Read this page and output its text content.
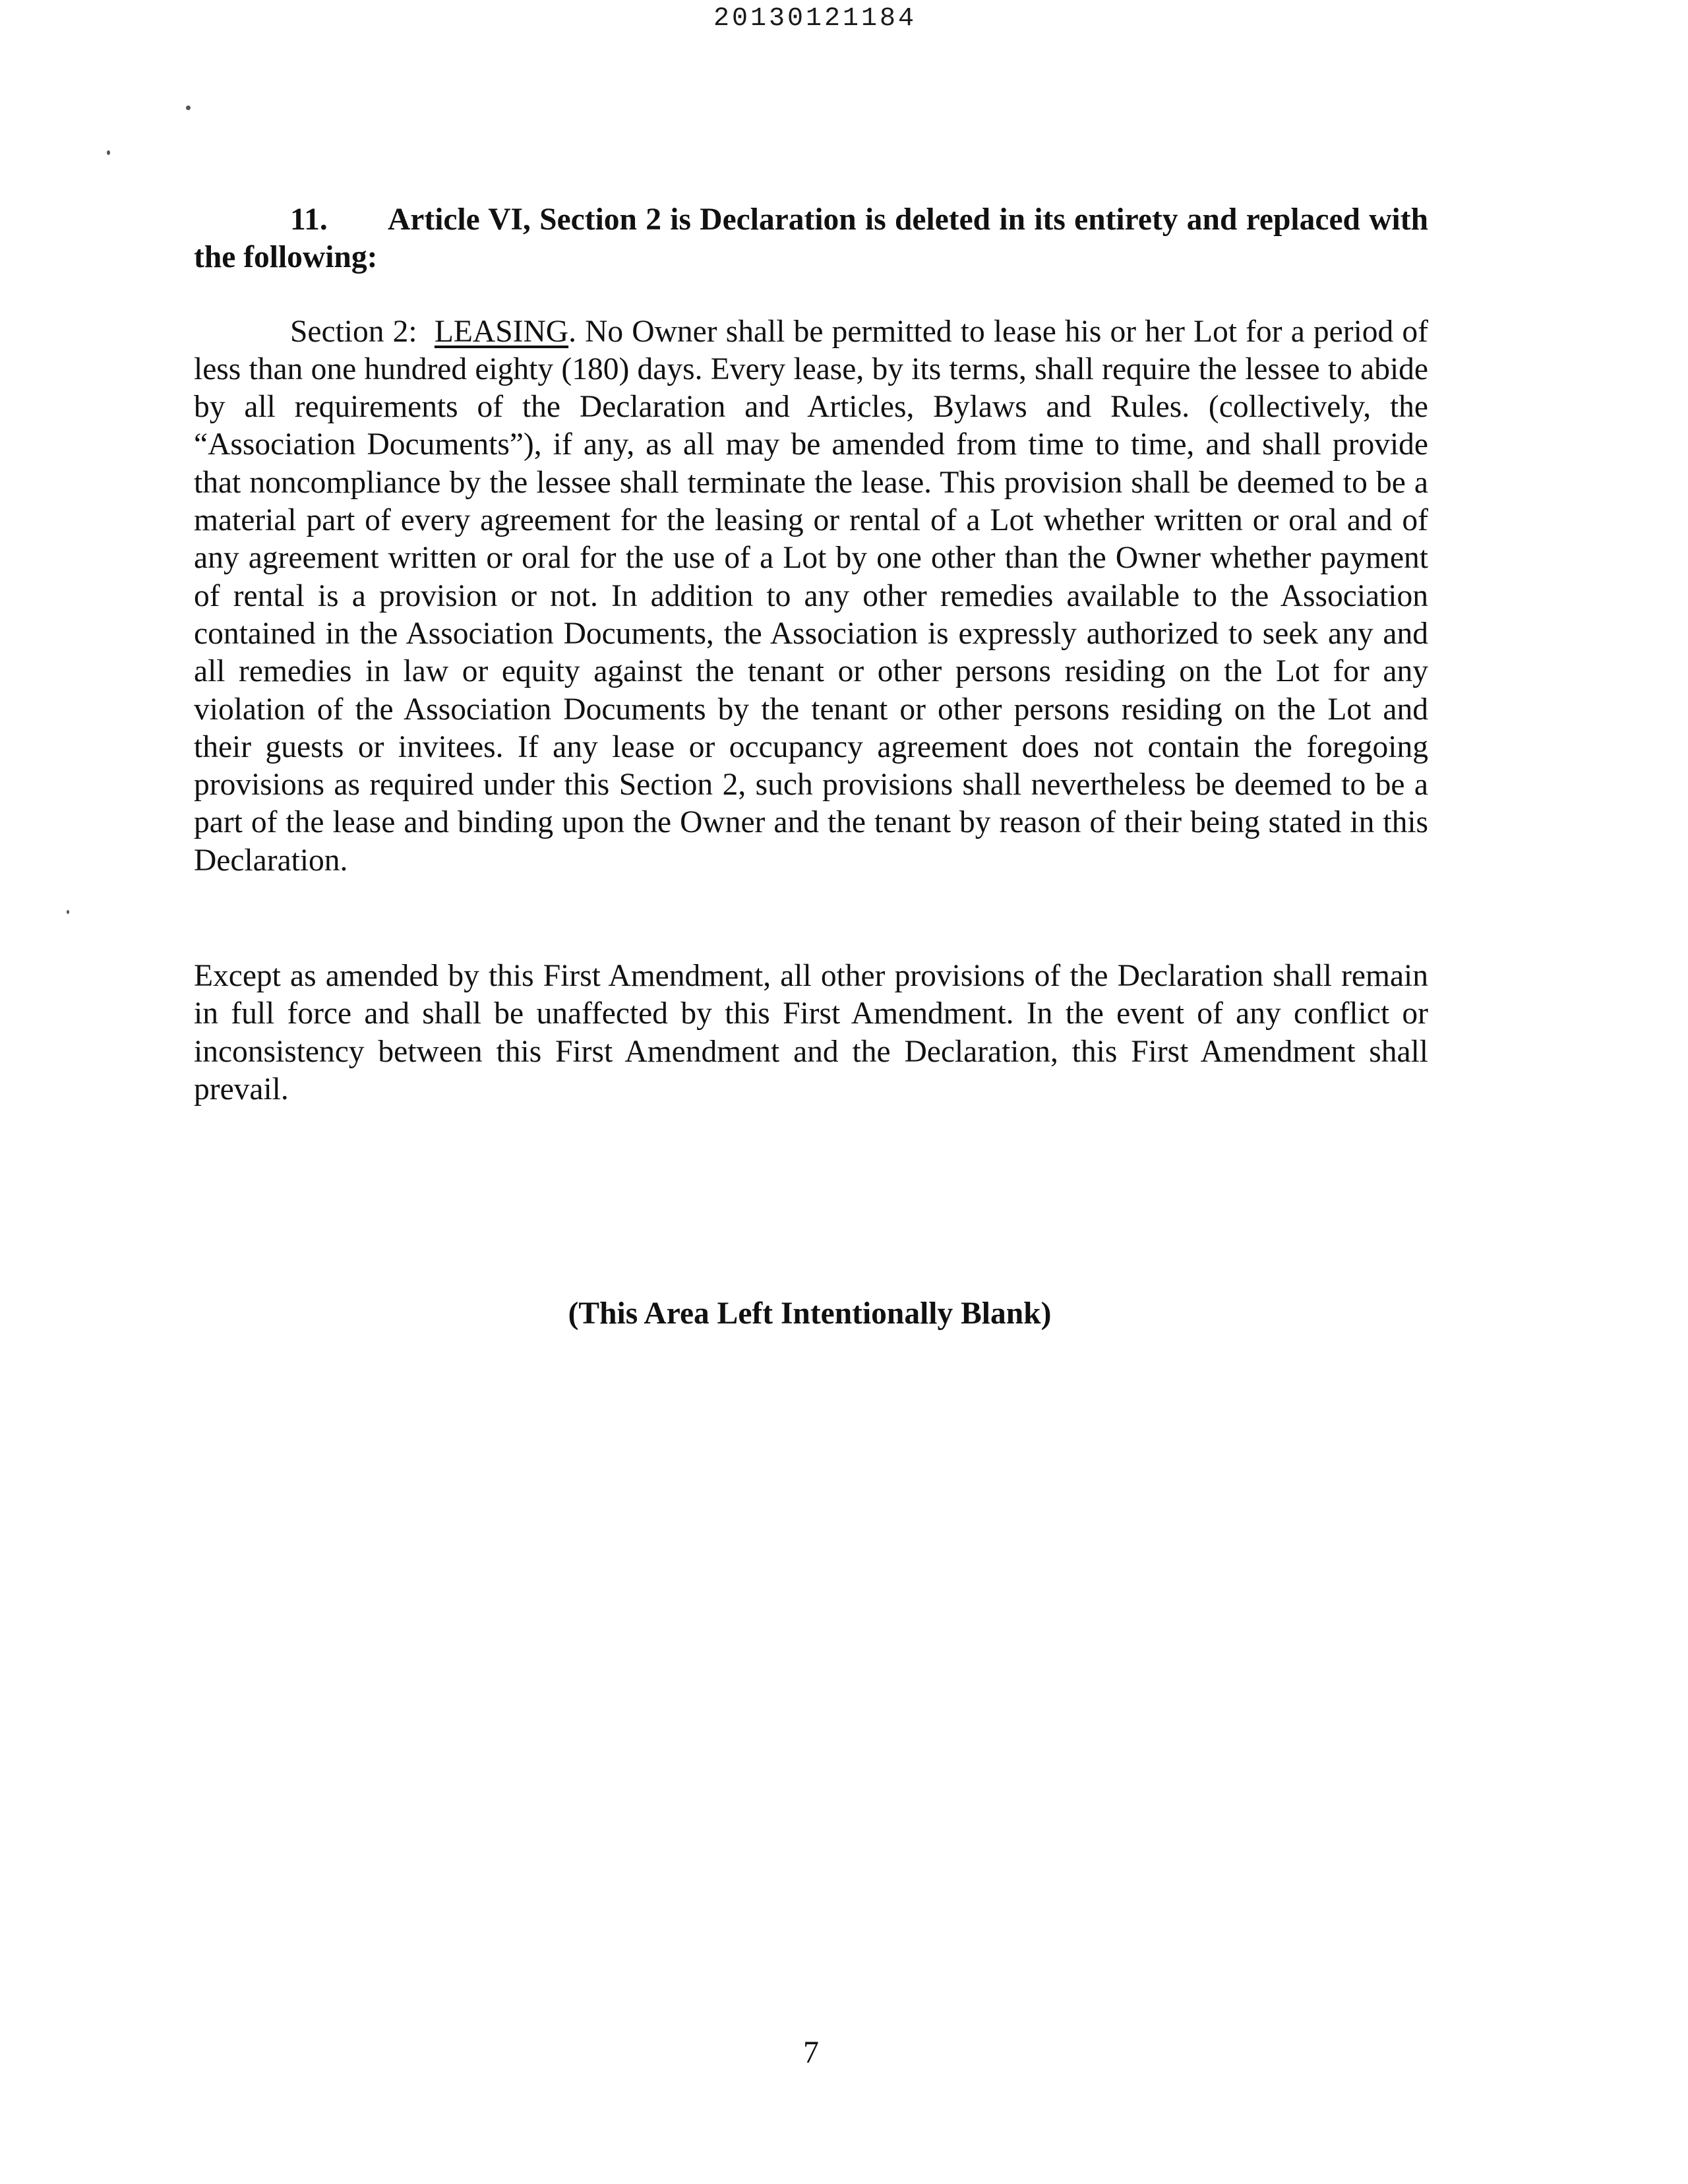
20130121184

11. Article VI, Section 2 is Declaration is deleted in its entirety and replaced with the following:

Section 2: LEASING. No Owner shall be permitted to lease his or her Lot for a period of less than one hundred eighty (180) days. Every lease, by its terms, shall require the lessee to abide by all requirements of the Declaration and Articles, Bylaws and Rules. (collectively, the “Association Documents”), if any, as all may be amended from time to time, and shall provide that noncompliance by the lessee shall terminate the lease. This provision shall be deemed to be a material part of every agreement for the leasing or rental of a Lot whether written or oral and of any agreement written or oral for the use of a Lot by one other than the Owner whether payment of rental is a provision or not. In addition to any other remedies available to the Association contained in the Association Documents, the Association is expressly authorized to seek any and all remedies in law or equity against the tenant or other persons residing on the Lot for any violation of the Association Documents by the tenant or other persons residing on the Lot and their guests or invitees. If any lease or occupancy agreement does not contain the foregoing provisions as required under this Section 2, such provisions shall nevertheless be deemed to be a part of the lease and binding upon the Owner and the tenant by reason of their being stated in this Declaration.

Except as amended by this First Amendment, all other provisions of the Declaration shall remain in full force and shall be unaffected by this First Amendment. In the event of any conflict or inconsistency between this First Amendment and the Declaration, this First Amendment shall prevail.

(This Area Left Intentionally Blank)
7
